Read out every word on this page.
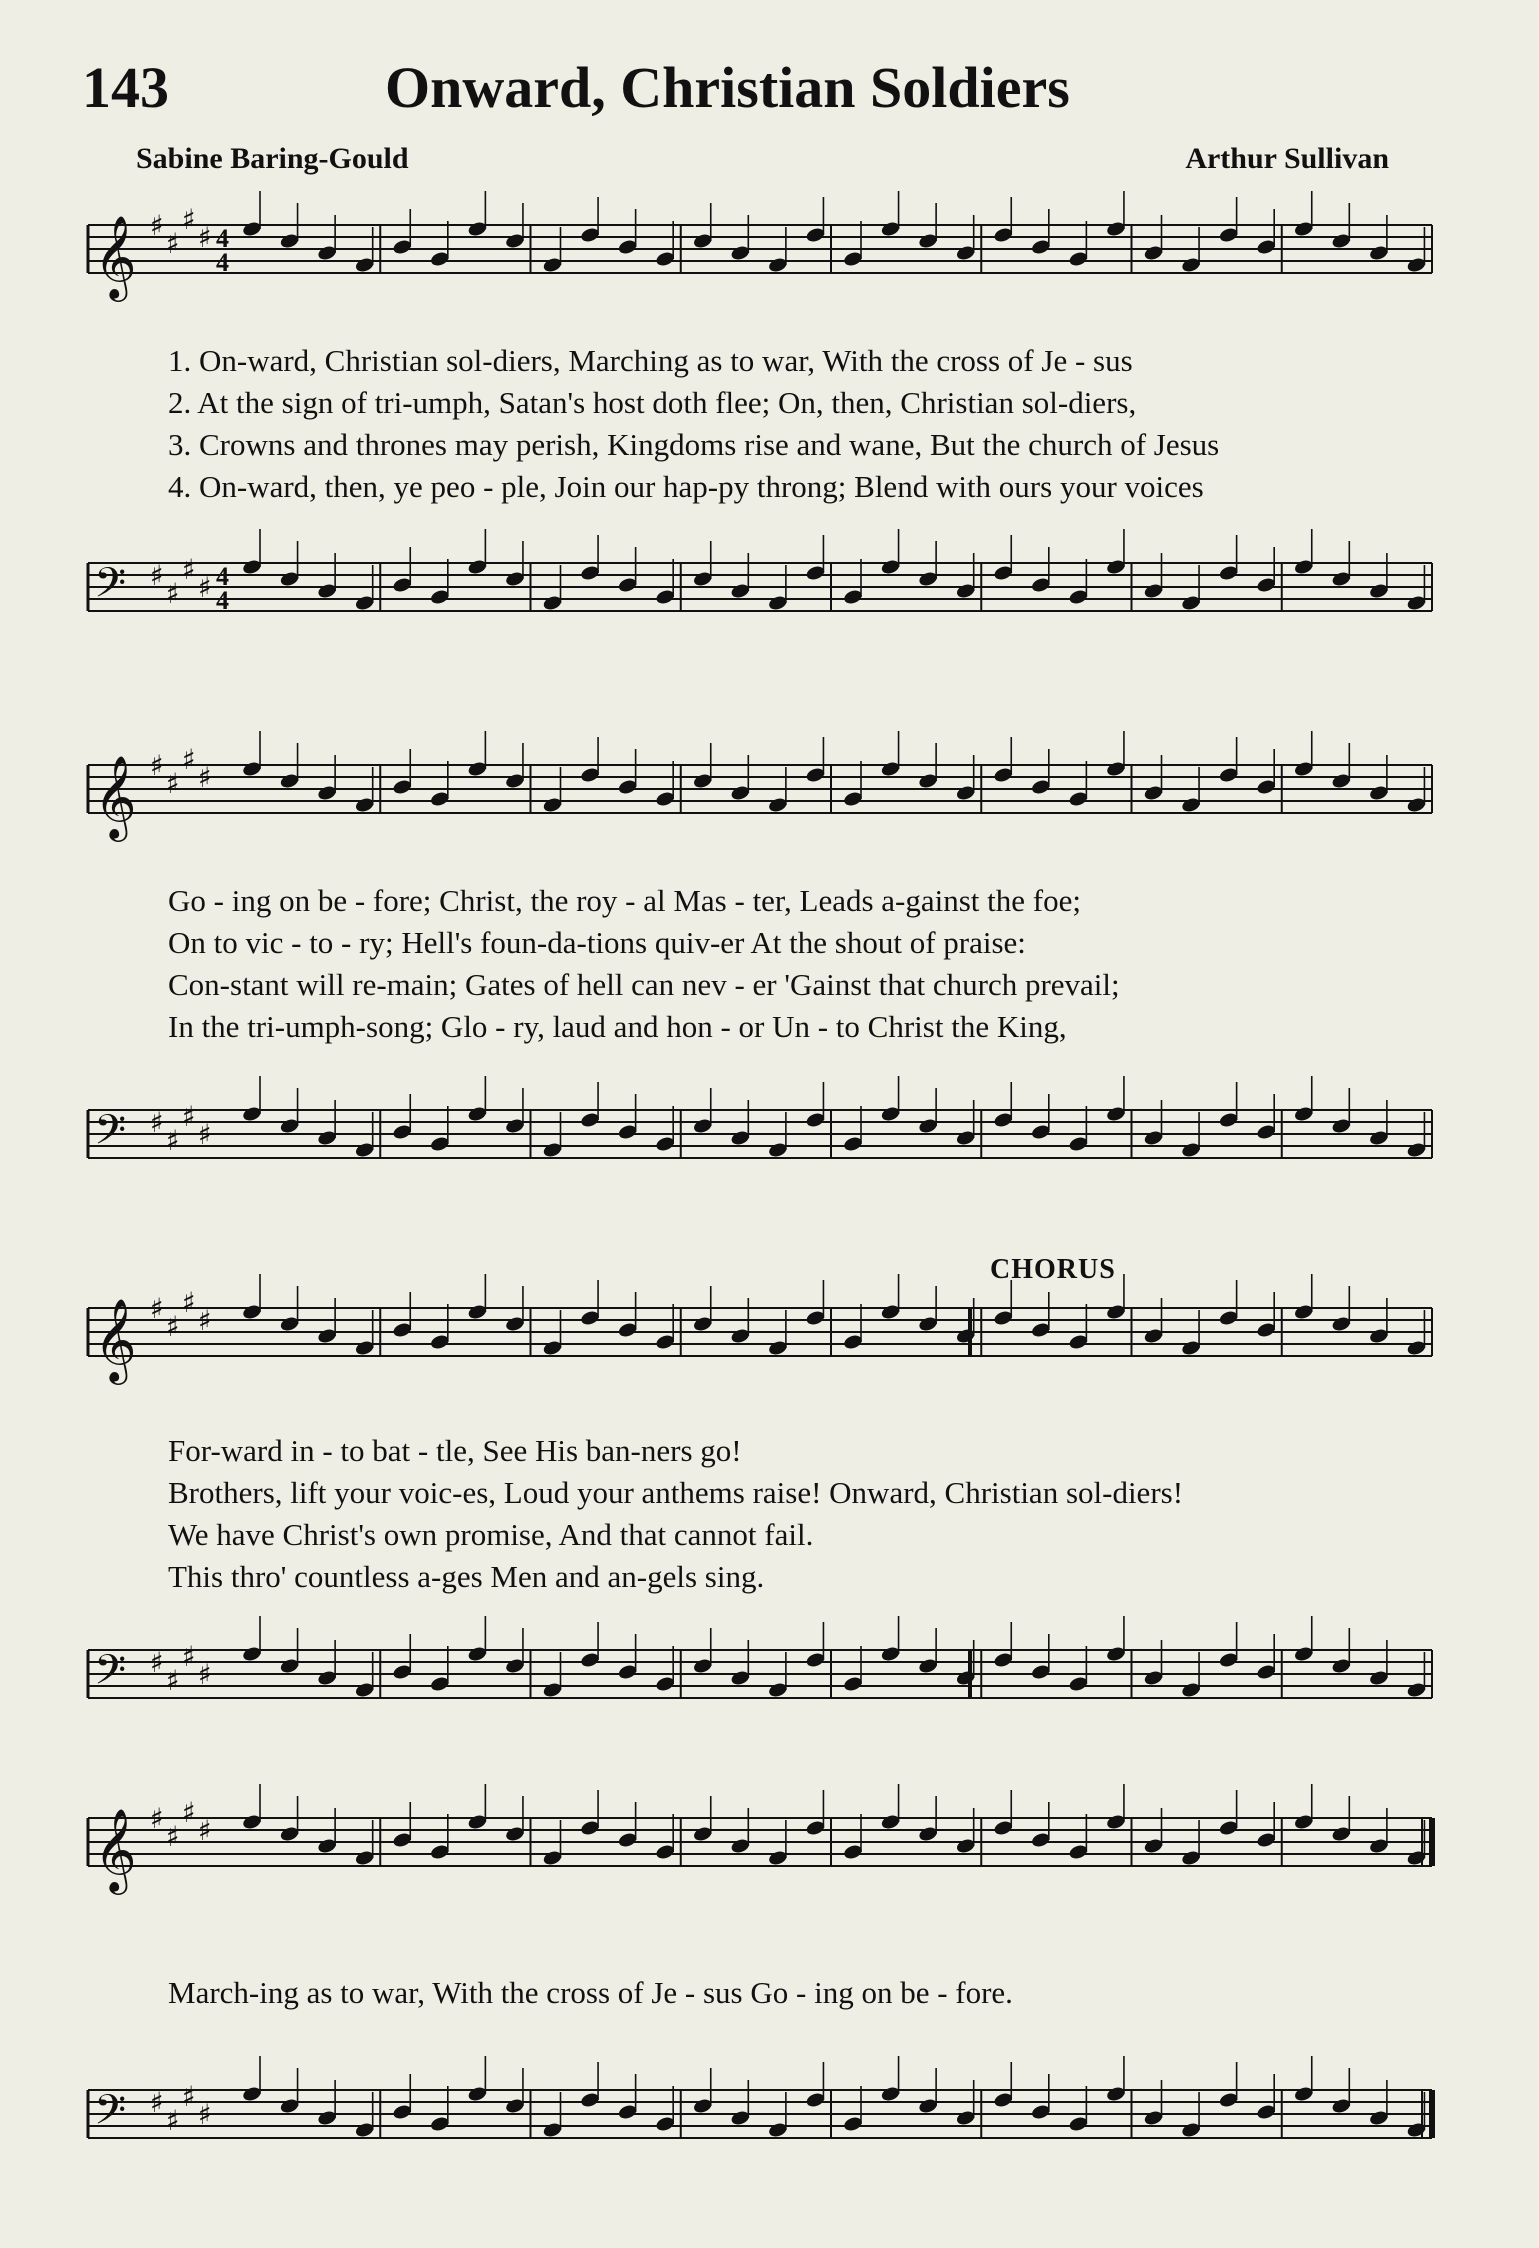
143	Onward, Christian Soldiers
Sabine Baring-Gould	Arthur Sullivan
CHORUS
𝄞 ♯
♯
♯
♯ 4
4
1. On-ward, Christian sol-diers, Marching as to war, With the cross of Je - sus
2. At the sign of tri-umph, Satan's host doth flee; On, then, Christian sol-diers,
3. Crowns and thrones may perish, Kingdoms rise and wane, But the church of Jesus
4. On-ward, then, ye peo - ple, Join our hap-py throng; Blend with ours your voices
𝄢 ♯
♯
♯
♯ 4
4
𝄞 ♯
♯
♯
♯
Go - ing on be - fore; Christ, the roy - al Mas - ter, Leads a-gainst the foe;
On to vic - to - ry; Hell's foun-da-tions quiv-er At the shout of praise:
Con-stant will re-main; Gates of hell can nev - er 'Gainst that church prevail;
In the tri-umph-song; Glo - ry, laud and hon - or Un - to Christ the King,
𝄢 ♯
♯
♯
♯
𝄞 ♯
♯
♯
♯
For-ward in - to bat - tle, See His ban-ners go!
Brothers, lift your voic-es, Loud your anthems raise! Onward, Christian sol-diers!
We have Christ's own promise, And that cannot fail.
This thro' countless a-ges Men and an-gels sing.
𝄢 ♯
♯
♯
♯
𝄞 ♯
♯
♯
♯
March-ing as to war, With the cross of Je - sus Go - ing on be - fore.
𝄢 ♯
♯
♯
♯
